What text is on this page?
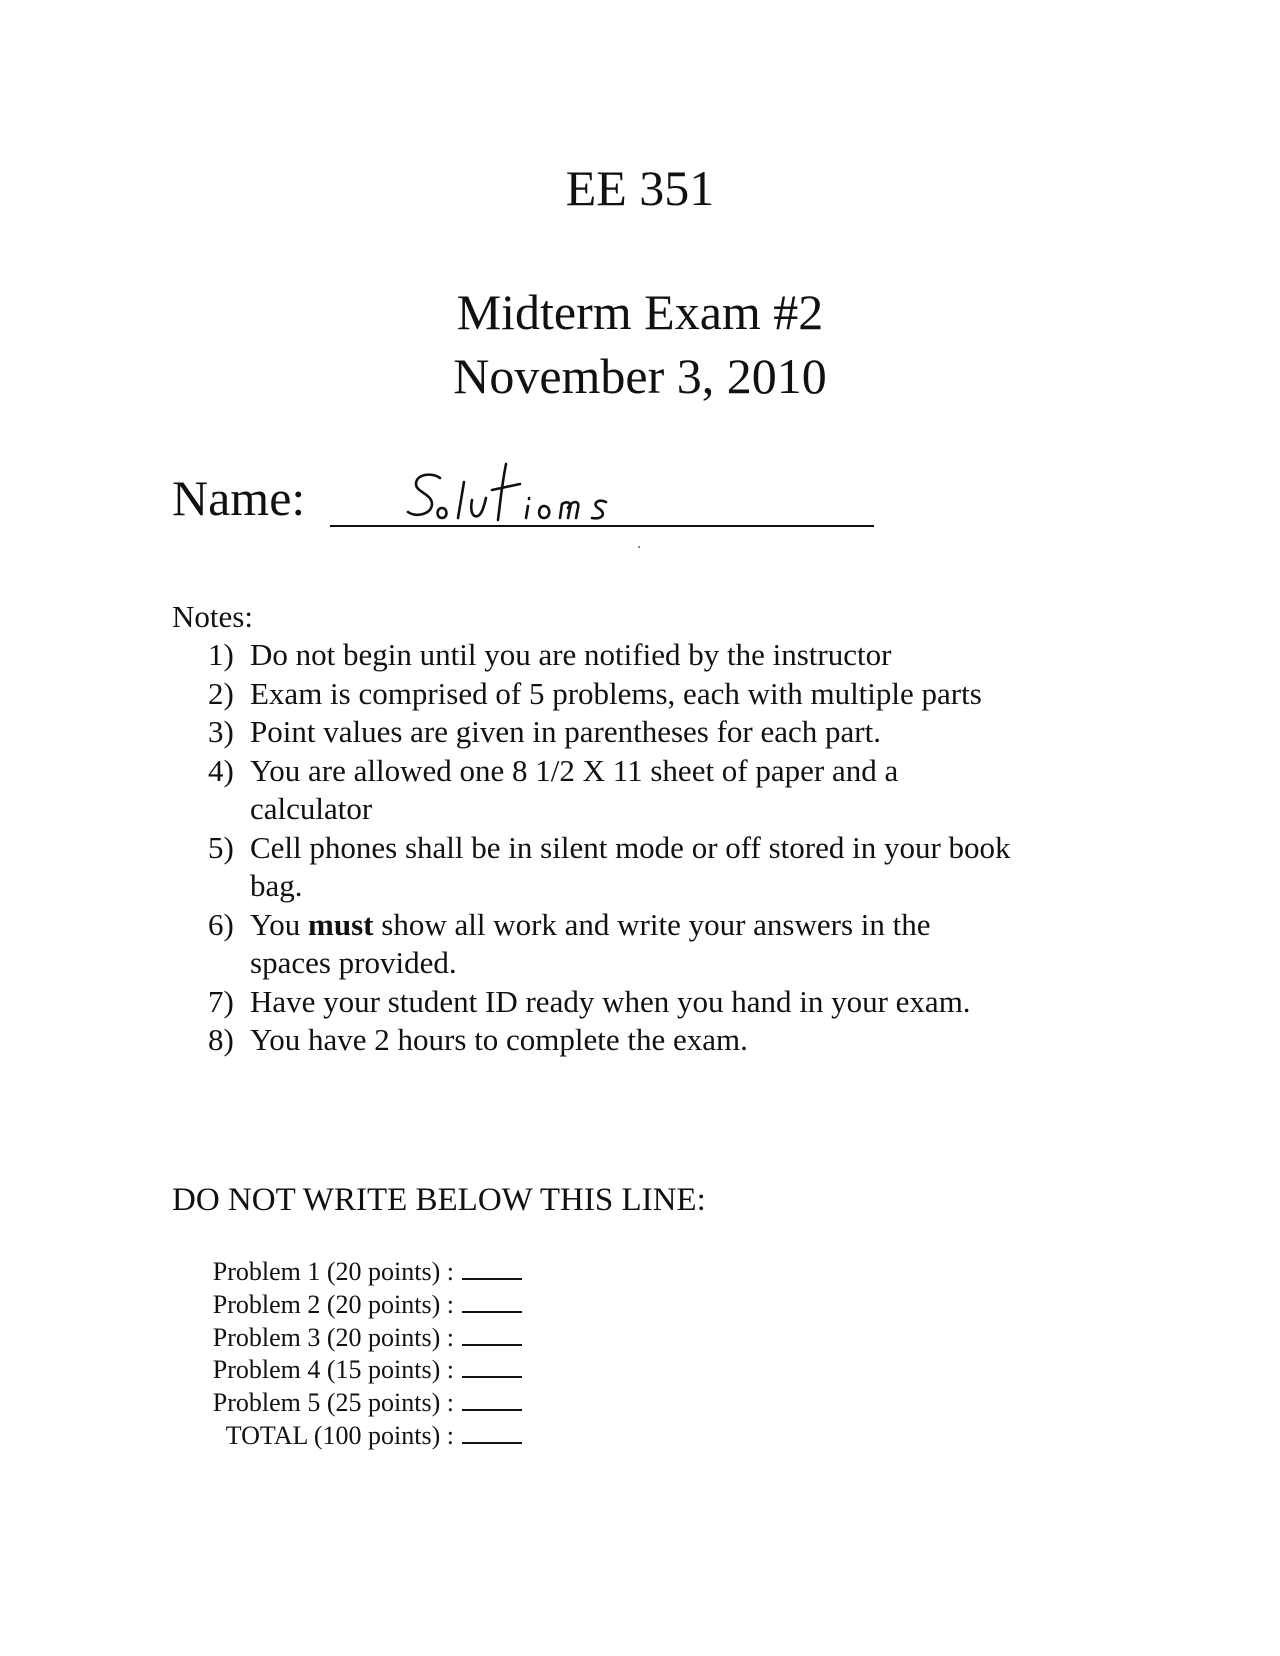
EE 351
Midterm Exam #2
November 3, 2010
Name:

Notes:

1) Do not begin until you are notified by the instructor
2) Exam is comprised of 5 problems, each with multiple parts
3) Point values are given in parentheses for each part.
4) You are allowed one 8 1/2 X 11 sheet of paper and a calculator
5) Cell phones shall be in silent mode or off stored in your book bag.
6) You must show all work and write your answers in the spaces provided.
7) Have your student ID ready when you hand in your exam.
8) You have 2 hours to complete the exam.
DO NOT WRITE BELOW THIS LINE:
Problem 1 (20 points) :
Problem 2 (20 points) :
Problem 3 (20 points) :
Problem 4 (15 points) :
Problem 5 (25 points) :
TOTAL (100 points) :
